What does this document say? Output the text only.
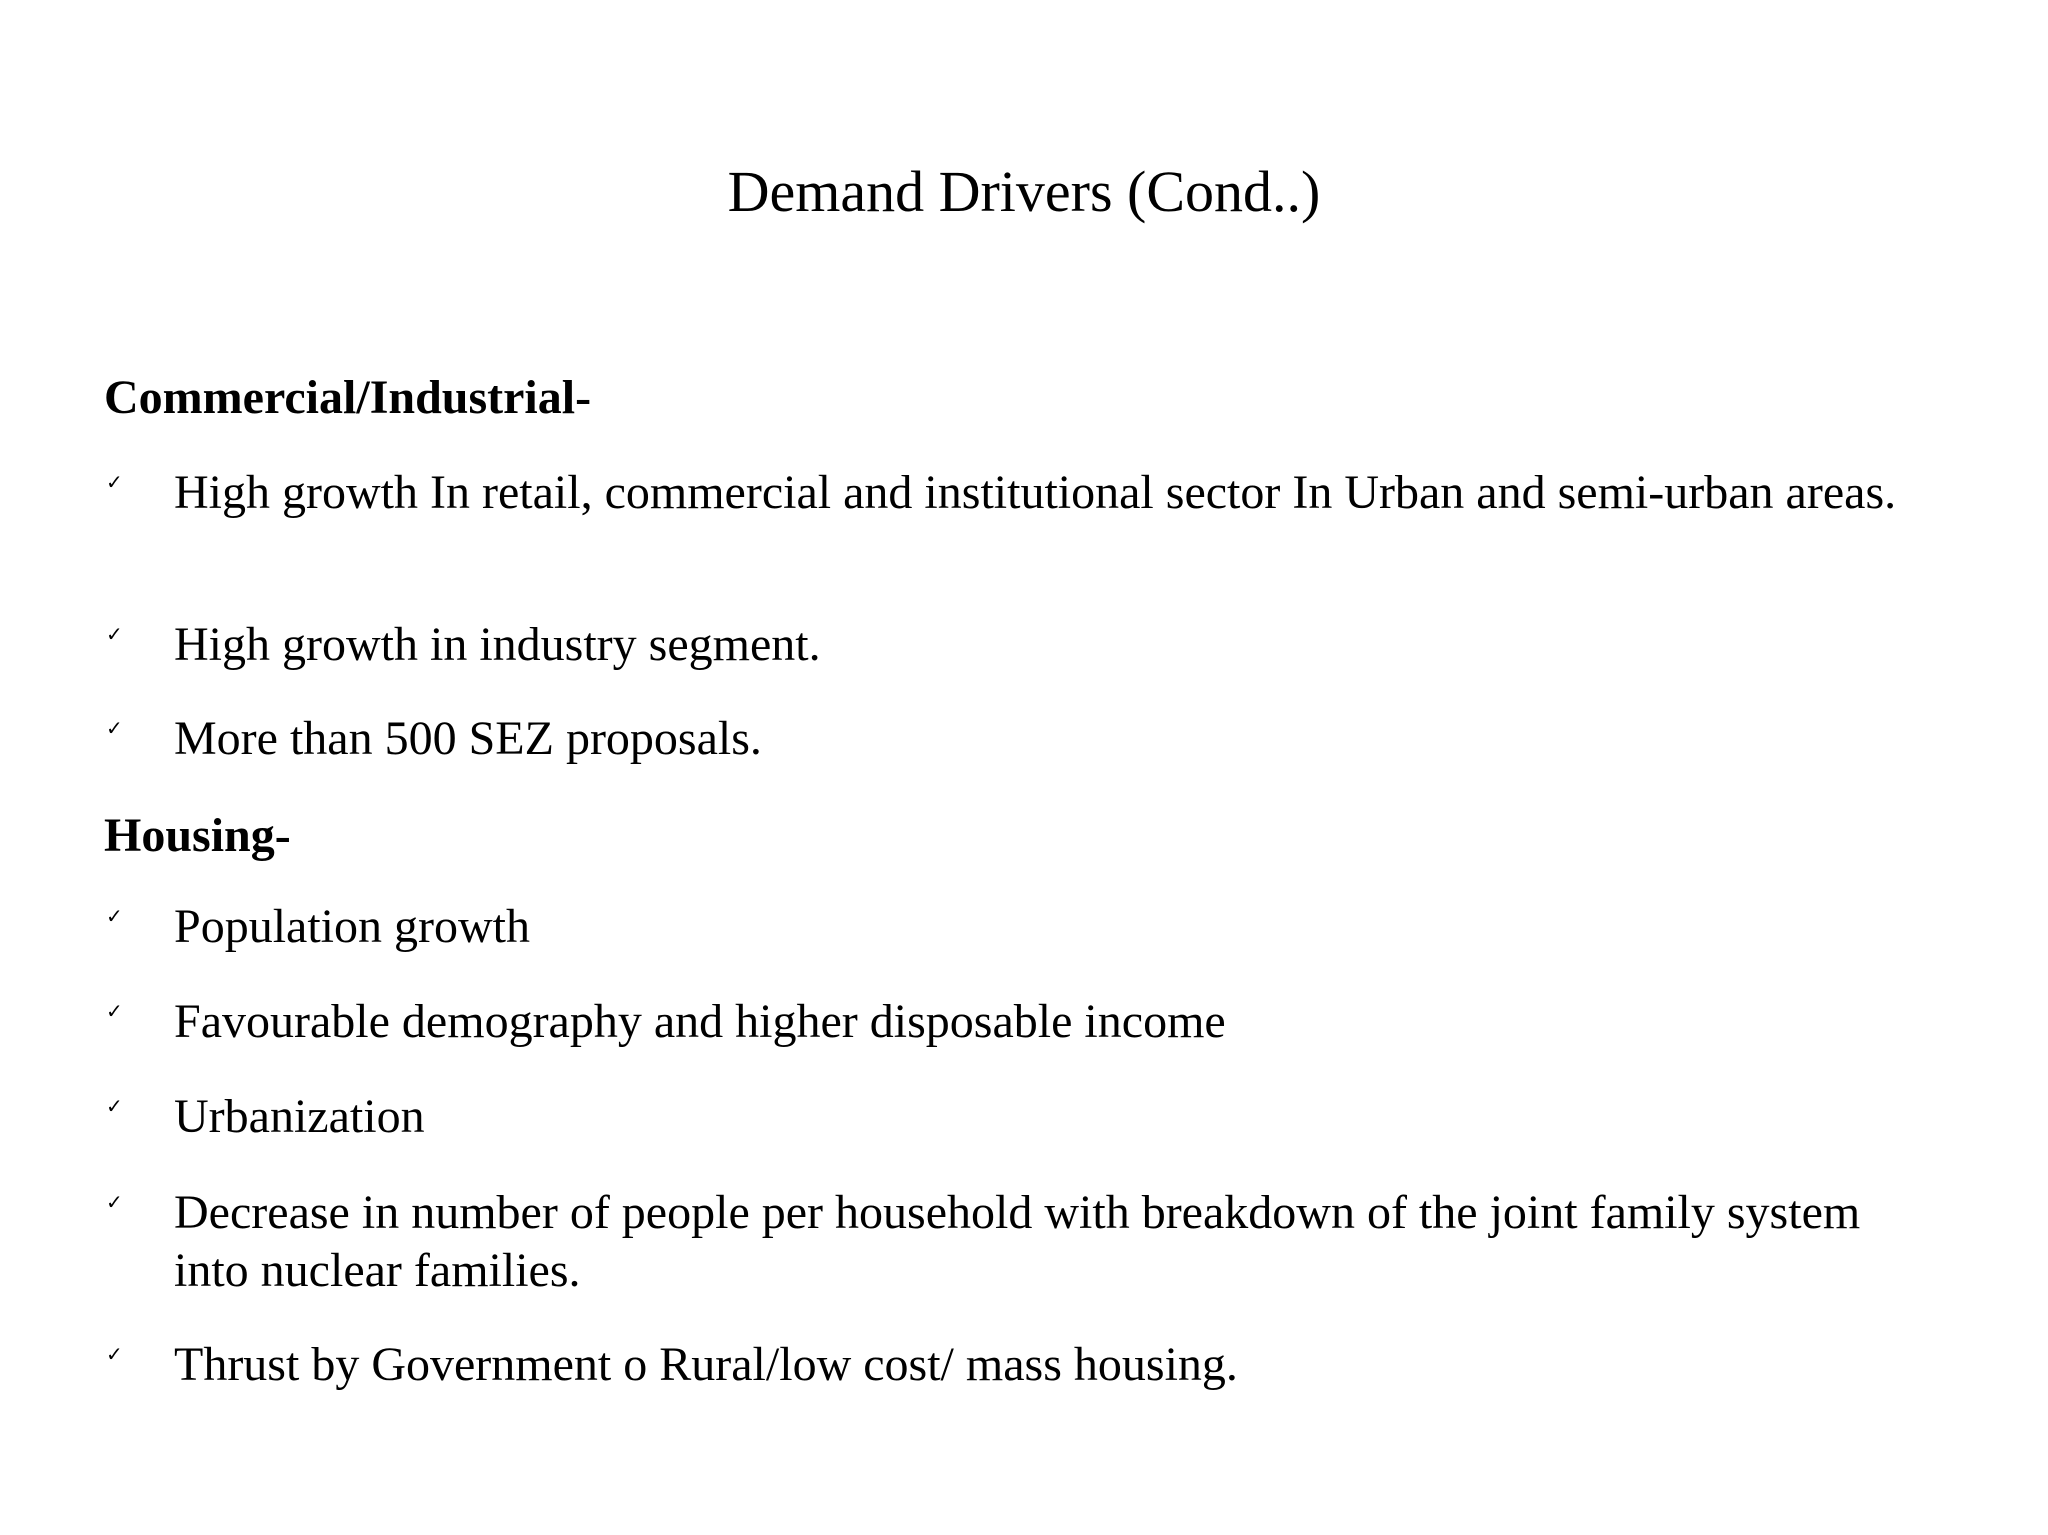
Demand Drivers (Cond..)
Commercial/Industrial-
✓ High growth In retail, commercial and institutional sector In Urban and semi-urban areas.
✓ High growth in industry segment.
✓ More than 500 SEZ proposals.
Housing-
✓ Population growth
✓ Favourable demography and higher disposable income
✓ Urbanization
✓ Decrease in number of people per household with breakdown of the joint family system into nuclear families.
✓ Thrust by Government o Rural/low cost/ mass housing.
